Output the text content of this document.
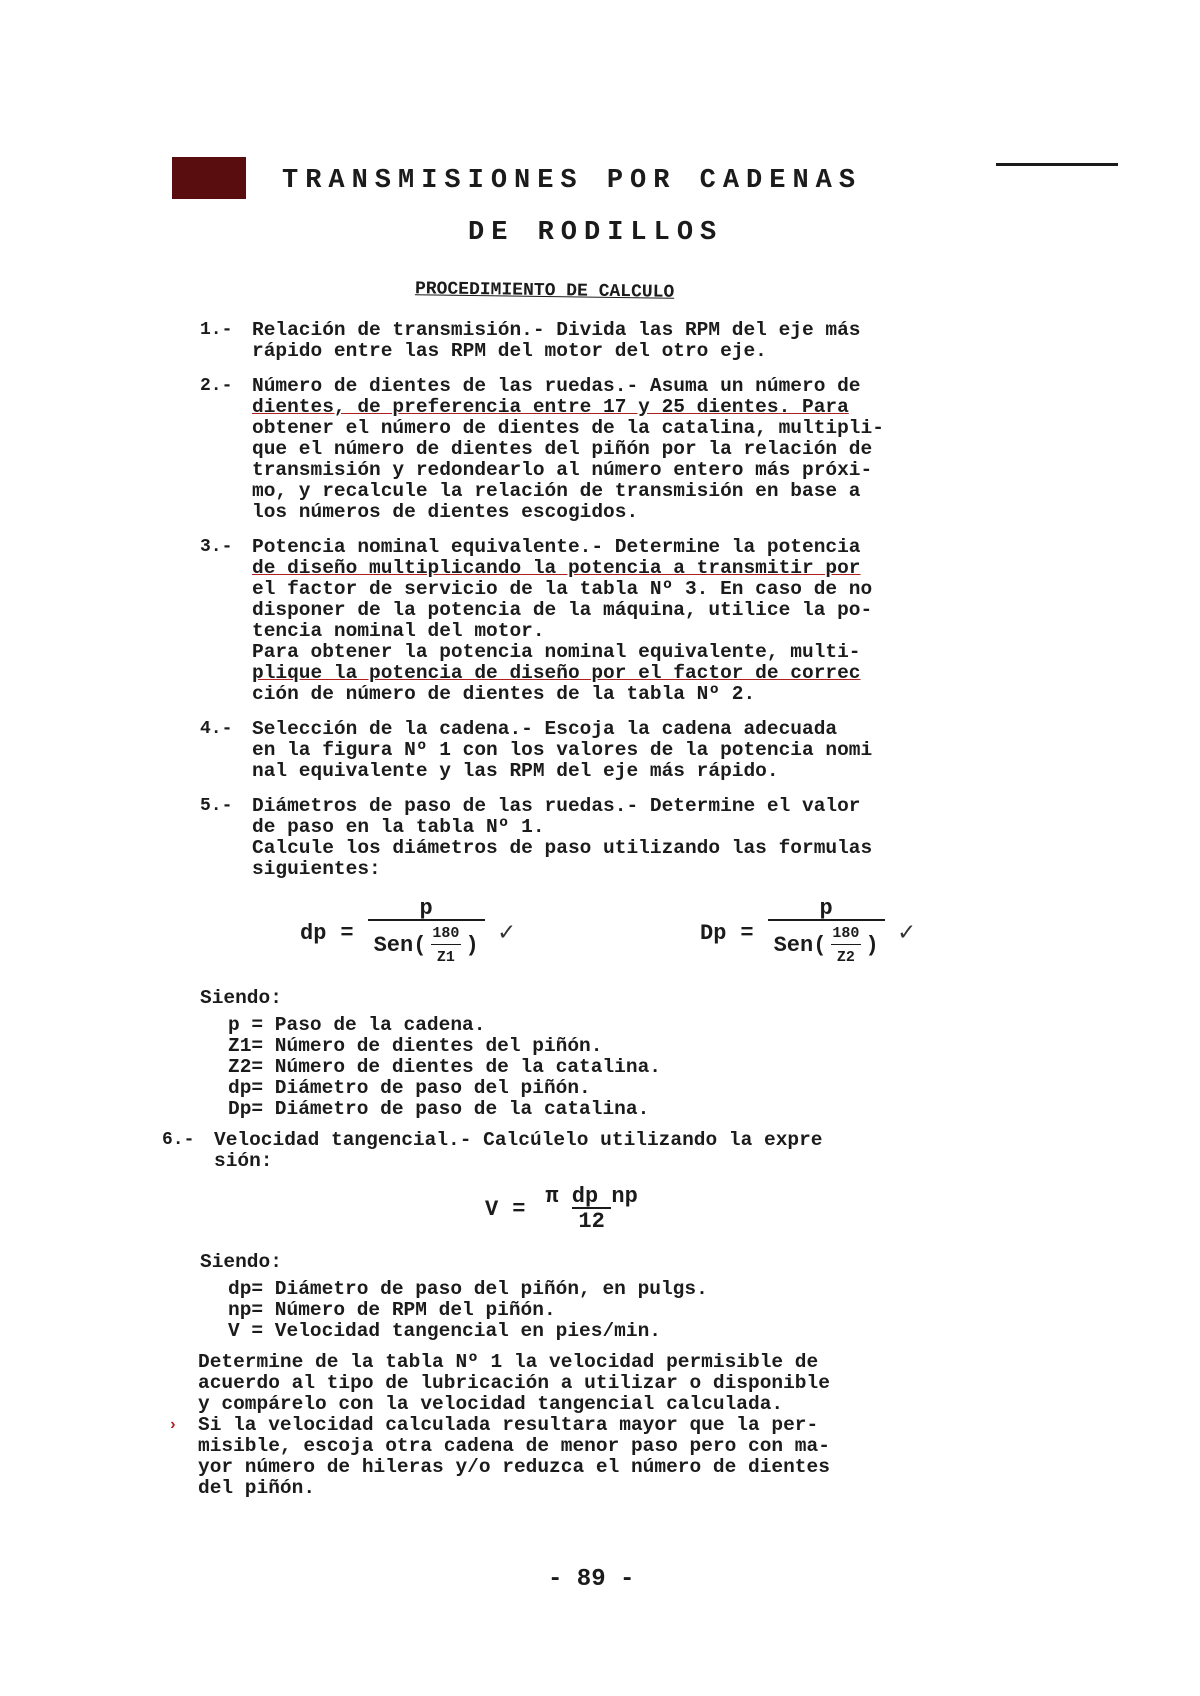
TRANSMISIONES POR CADENAS
DE RODILLOS
PROCEDIMIENTO DE CALCULO
1.-	Relación de transmisión.- Divida las RPM del eje más
rápido entre las RPM del motor del otro eje.
2.-	Número de dientes de las ruedas.- Asuma un número de
dientes, de preferencia entre 17 y 25 dientes. Para
obtener el número de dientes de la catalina, multipli-
que el número de dientes del piñón por la relación de
transmisión y redondearlo al número entero más próxi-
mo, y recalcule la relación de transmisión en base a
los números de dientes escogidos.
3.-	Potencia nominal equivalente.- Determine la potencia
de diseño multiplicando la potencia a transmitir por
el factor de servicio de la tabla Nº 3. En caso de no
disponer de la potencia de la máquina, utilice la po-
tencia nominal del motor.
Para obtener la potencia nominal equivalente, multi-
plique la potencia de diseño por el factor de correc
ción de número de dientes de la tabla Nº 2.
4.-	Selección de la cadena.- Escoja la cadena adecuada
en la figura Nº 1 con los valores de la potencia nomi
nal equivalente y las RPM del eje más rápido.
5.-	Diámetros de paso de las ruedas.- Determine el valor
de paso en la tabla Nº 1.
Calcule los diámetros de paso utilizando las formulas
siguientes:
dp =
p
$Sen( \frac{180}{Z1}$ ) ✓	Dp =
p
$Sen( \frac{180}{Z2}$ ) ✓
Siendo:
p = Paso de la cadena.
Z1= Número de dientes del piñón.
Z2= Número de dientes de la catalina.
dp= Diámetro de paso del piñón.
Dp= Diámetro de paso de la catalina.
6.-	Velocidad tangencial.- Calcúlelo utilizando la expre
sión:
$V = \frac{\text{π dp np}}{12}$
Siendo:
dp= Diámetro de paso del piñón, en pulgs.
np= Número de RPM del piñón.
V = Velocidad tangencial en pies/min.
Determine de la tabla Nº 1 la velocidad permisible de
acuerdo al tipo de lubricación a utilizar o disponible
y compárelo con la velocidad tangencial calculada.
› Si la velocidad calculada resultara mayor que la per-
misible, escoja otra cadena de menor paso pero con ma-
yor número de hileras y/o reduzca el número de dientes
del piñón.
- 89 -
